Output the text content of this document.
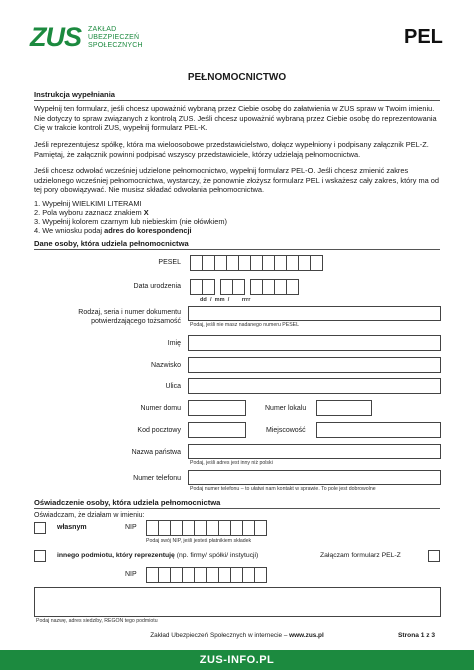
ZUS ZAKŁAD
UBEZPIECZEŃ
SPOŁECZNYCH	PEL
PEŁNOMOCNICTWO
Instrukcja wypełniania
Wypełnij ten formularz, jeśli chcesz upoważnić wybraną przez Ciebie osobę do załatwienia w ZUS spraw w Twoim imieniu. Nie dotyczy to spraw związanych z kontrolą ZUS. Jeśli chcesz upoważnić wybraną przez Ciebie osobę do reprezentowania Cię w trakcie kontroli ZUS, wypełnij formularz PEL-K.
Jeśli reprezentujesz spółkę, która ma wieloosobowe przedstawicielstwo, dołącz wypełniony i podpisany załącznik PEL-Z. Pamiętaj, że załącznik powinni podpisać wszyscy przedstawiciele, którzy udzielają pełnomocnictwa.
Jeśli chcesz odwołać wcześniej udzielone pełnomocnictwo, wypełnij formularz PEL-O. Jeśli chcesz zmienić zakres udzielonego wcześniej pełnomocnictwa, wystarczy, że ponownie złożysz formularz PEL i wskażesz cały zakres, który ma od tej pory obowiązywać. Nie musisz składać odwołania pełnomocnictwa.
1. Wypełnij WIELKIMI LITERAMI
2. Pola wyboru zaznacz znakiem X
3. Wypełnij kolorem czarnym lub niebieskim (nie ołówkiem)
4. We wniosku podaj adres do korespondencji
Dane osoby, która udziela pełnomocnictwa
PESEL
Data urodzenia
dd / mm / rrrr
Rodzaj, seria i numer dokumentu
potwierdzającego tożsamość Podaj, jeśli nie masz nadanego numeru PESEL
Imię
Nazwisko
Ulica
Numer domu	Numer lokalu
Kod pocztowy	Miejscowość
Nazwa państwa
Podaj, jeśli adres jest inny niż polski
Numer telefonu
Podaj numer telefonu – to ułatwi nam kontakt w sprawie. To pole jest dobrowolne
Oświadczenie osoby, która udziela pełnomocnictwa
Oświadczam, że działam w imieniu:
własnym	NIP
Podaj swój NIP, jeśli jesteś płatnikiem składek
innego podmiotu, który reprezentuję (np. firmy/ spółki/ instytucji)	Załączam formularz PEL-Z
NIP
Podaj nazwę, adres siedziby, REGON tego podmiotu
Zakład Ubezpieczeń Społecznych w internecie – www.zus.pl	Strona 1 z 3
ZUS-INFO.PL
